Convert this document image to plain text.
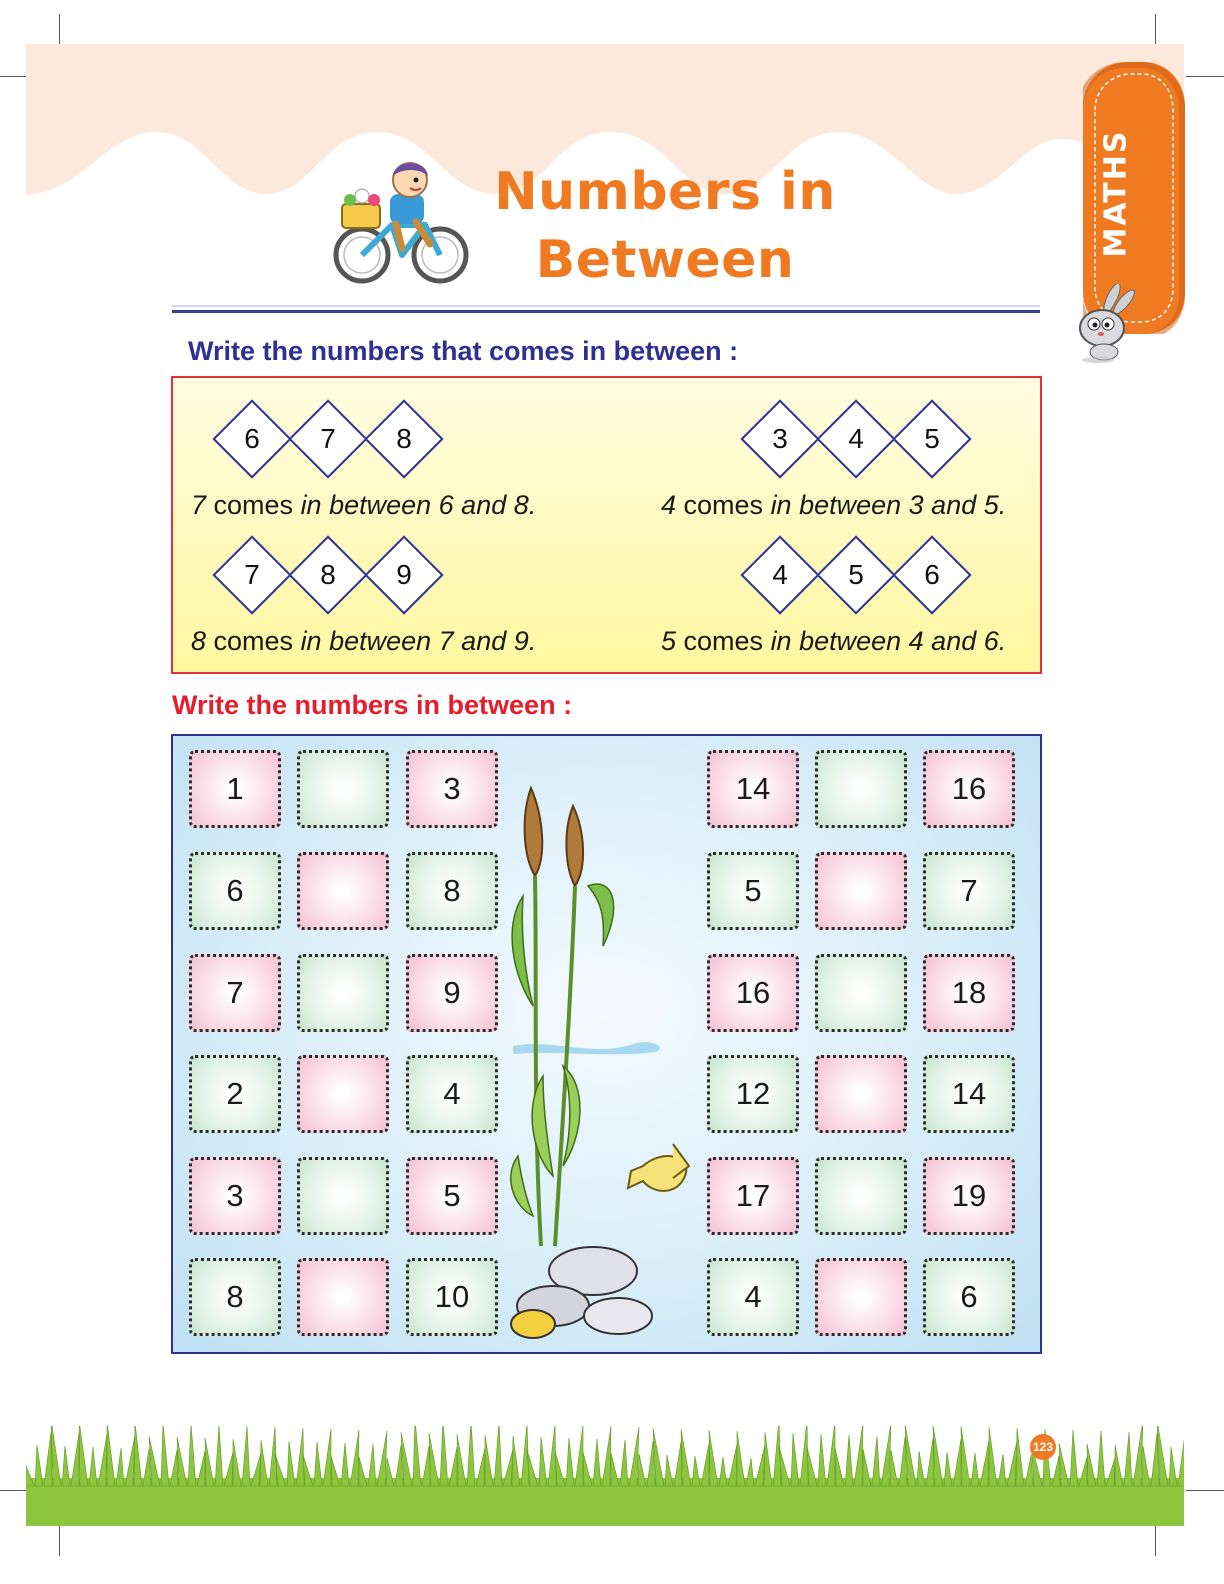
Numbers in Between
MATHS
Write the numbers that comes in between :
6	7	8
7 comes in between 6 and 8.
3	4	5
4 comes in between 3 and 5.
7	8	9
8 comes in between 7 and 9.
4	5	6
5 comes in between 4 and 6.
Write the numbers in between :
1	3
6	8
7	9
2	4
3	5
8	10
14	16
5	7
16	18
12	14
17	19
4	6
123
